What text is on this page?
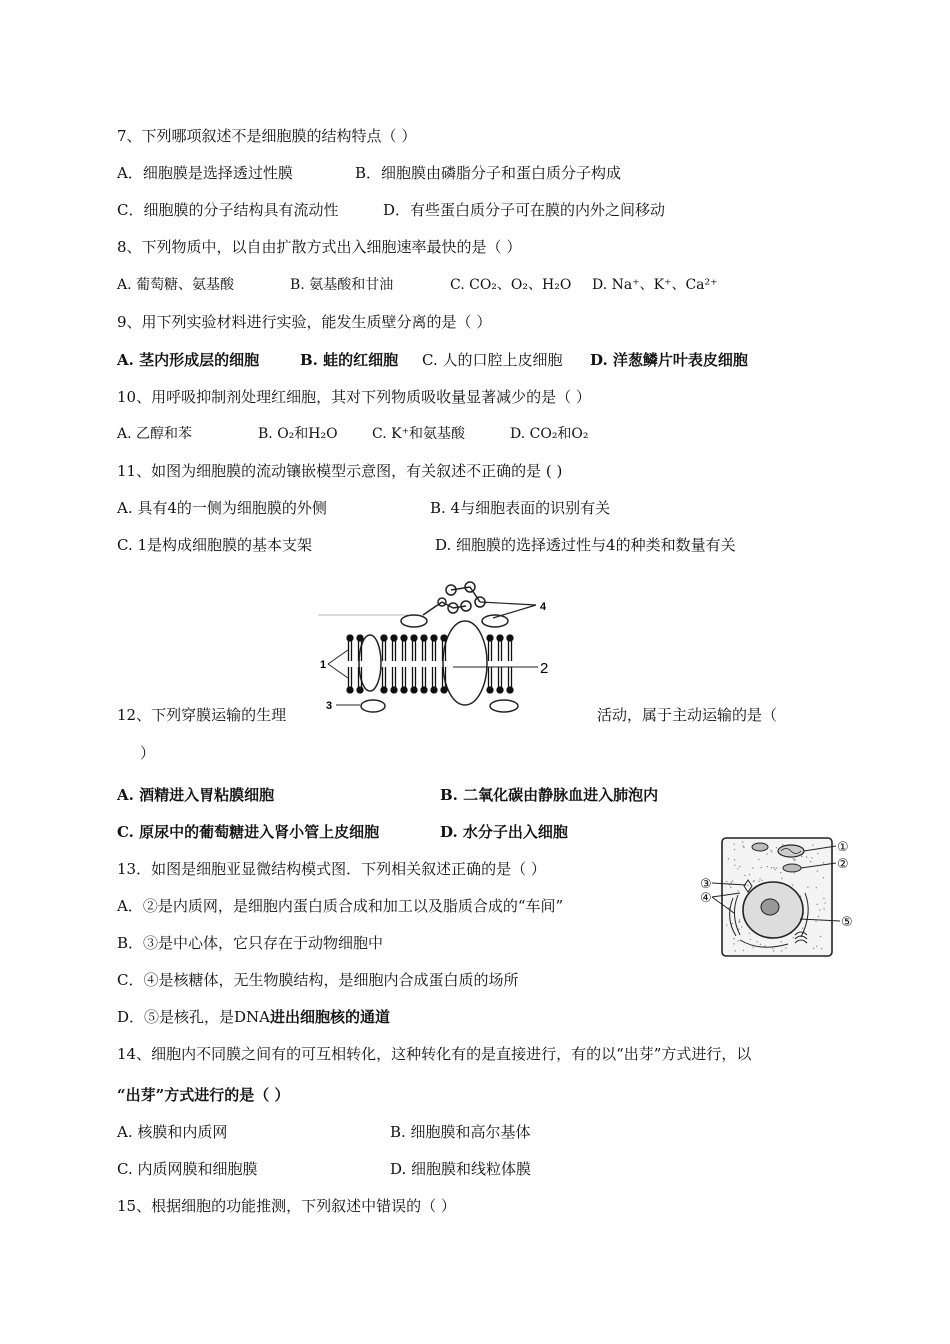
7、下列哪项叙述不是细胞膜的结构特点（ ）
A．细胞膜是选择透过性膜	B．细胞膜由磷脂分子和蛋白质分子构成
C．细胞膜的分子结构具有流动性	D．有些蛋白质分子可在膜的内外之间移动
8、下列物质中，以自由扩散方式出入细胞速率最快的是（ ）
A. 葡萄糖、氨基酸	B. 氨基酸和甘油	C. CO₂、O₂、H₂O D. Na⁺、K⁺、Ca²⁺
9、用下列实验材料进行实验，能发生质壁分离的是（ ）
A. 茎内形成层的细胞	B. 蛙的红细胞 C. 人的口腔上皮细胞 D. 洋葱鳞片叶表皮细胞
10、用呼吸抑制剂处理红细胞，其对下列物质吸收量显著减少的是（ ）
A. 乙醇和苯	B. O₂和H₂O C. K⁺和氨基酸	D. CO₂和O₂
11、如图为细胞膜的流动镶嵌模型示意图，有关叙述不正确的是 ( )
A. 具有4的一侧为细胞膜的外侧	B. 4与细胞表面的识别有关
C. 1是构成细胞膜的基本支架	D. 细胞膜的选择透过性与4的种类和数量有关
4
1	2
3
12、下列穿膜运输的生理	活动，属于主动运输的是（
）
A. 酒精进入胃粘膜细胞	B. 二氧化碳由静脉血进入肺泡内
C. 原尿中的葡萄糖进入肾小管上皮细胞	D. 水分子出入细胞
13．如图是细胞亚显微结构模式图．下列相关叙述正确的是（ ）
A．②是内质网，是细胞内蛋白质合成和加工以及脂质合成的“车间”
B．③是中心体，它只存在于动物细胞中
C．④是核糖体，无生物膜结构，是细胞内合成蛋白质的场所
D．⑤是核孔，是DNA进出细胞核的通道
①
②
③
④
⑤
14、细胞内不同膜之间有的可互相转化，这种转化有的是直接进行，有的以“出芽”方式进行，以
“出芽”方式进行的是（ ）
A. 核膜和内质网	B. 细胞膜和高尔基体
C. 内质网膜和细胞膜	D. 细胞膜和线粒体膜
15、根据细胞的功能推测，下列叙述中错误的（ ）
